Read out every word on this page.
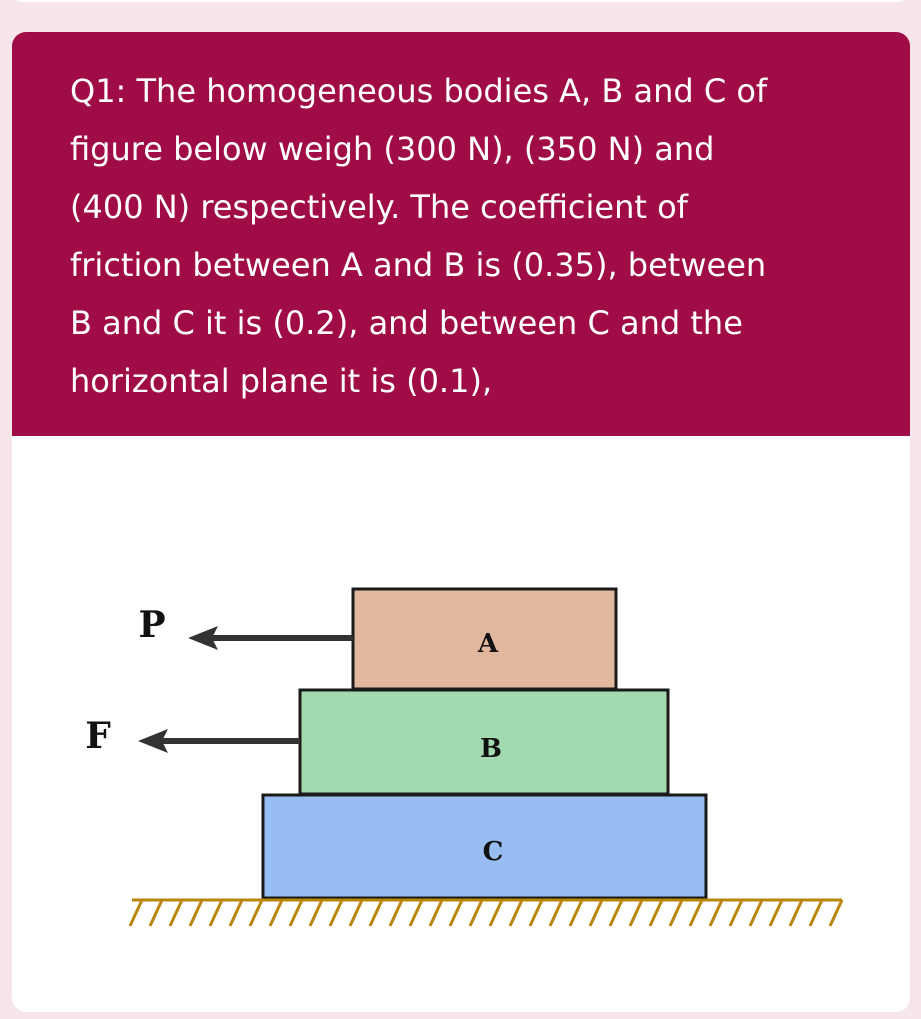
Q1: The homogeneous bodies A, B and C of
figure below weigh (300 N), (350 N) and
(400 N) respectively. The coefficient of
friction between A and B is (0.35), between
B and C it is (0.2), and between C and the
horizontal plane it is (0.1),

A
B
C
P
F
